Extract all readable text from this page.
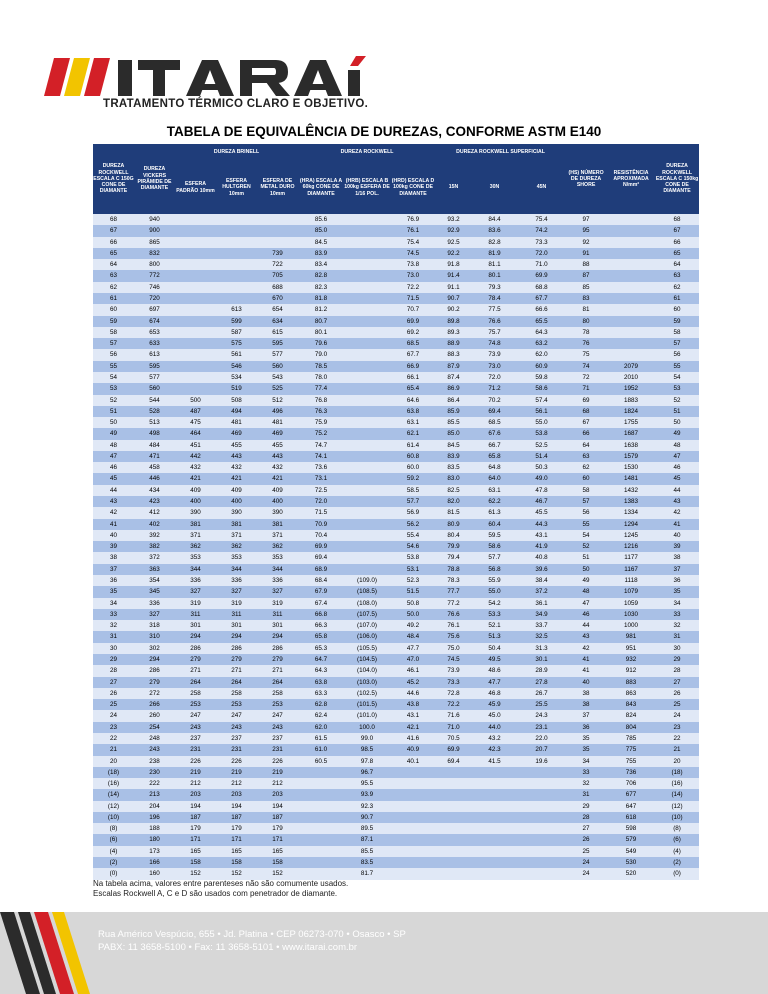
TRATAMENTO TÉRMICO CLARO E OBJETIVO.
TABELA DE EQUIVALÊNCIA DE DUREZAS, CONFORME ASTM E140
DUREZA ROCKWELL ESCALA C 150G CONE DE DIAMANTE	DUREZA VICKERS PIRÂMIDE DE DIAMANTE	DUREZA BRINELL			DUREZA ROCKWELL			DUREZA ROCKWELL SUPERFICIAL			(HS) NÚMERO DE DUREZA SHORE	RESISTÊNCIA APROXIMADA N/mm²	DUREZA ROCKWELL ESCALA C 150kg CONE DE DIAMANTE
		ESFERA PADRÃO 10mm	ESFERA HULTGREN 10mm	ESFERA DE METAL DURO 10mm	(HRA) ESCALA A 60kg CONE DE DIAMANTE	(HRB) ESCALA B 100kg ESFERA DE 1/16 POL.	(HRD) ESCALA D 100kg CONE DE DIAMANTE	15N	30N	45N			
68	940				85.6		76.9	93.2	84.4	75.4	97		68
67	900				85.0		76.1	92.9	83.6	74.2	95		67
66	865				84.5		75.4	92.5	82.8	73.3	92		66
65	832			739	83.9		74.5	92.2	81.9	72.0	91		65
64	800			722	83.4		73.8	91.8	81.1	71.0	88		64
63	772			705	82.8		73.0	91.4	80.1	69.9	87		63
62	746			688	82.3		72.2	91.1	79.3	68.8	85		62
61	720			670	81.8		71.5	90.7	78.4	67.7	83		61
60	697		613	654	81.2		70.7	90.2	77.5	66.6	81		60
59	674		599	634	80.7		69.9	89.8	76.6	65.5	80		59
58	653		587	615	80.1		69.2	89.3	75.7	64.3	78		58
57	633		575	595	79.6		68.5	88.9	74.8	63.2	76		57
56	613		561	577	79.0		67.7	88.3	73.9	62.0	75		56
55	595		546	560	78.5		66.9	87.9	73.0	60.9	74	2079	55
54	577		534	543	78.0		66.1	87.4	72.0	59.8	72	2010	54
53	560		519	525	77.4		65.4	86.9	71.2	58.6	71	1952	53
52	544	500	508	512	76.8		64.6	86.4	70.2	57.4	69	1883	52
51	528	487	494	496	76.3		63.8	85.9	69.4	56.1	68	1824	51
50	513	475	481	481	75.9		63.1	85.5	68.5	55.0	67	1755	50
49	498	464	469	469	75.2		62.1	85.0	67.6	53.8	66	1687	49
48	484	451	455	455	74.7		61.4	84.5	66.7	52.5	64	1638	48
47	471	442	443	443	74.1		60.8	83.9	65.8	51.4	63	1579	47
46	458	432	432	432	73.6		60.0	83.5	64.8	50.3	62	1530	46
45	446	421	421	421	73.1		59.2	83.0	64.0	49.0	60	1481	45
44	434	409	409	409	72.5		58.5	82.5	63.1	47.8	58	1432	44
43	423	400	400	400	72.0		57.7	82.0	62.2	46.7	57	1383	43
42	412	390	390	390	71.5		56.9	81.5	61.3	45.5	56	1334	42
41	402	381	381	381	70.9		56.2	80.9	60.4	44.3	55	1294	41
40	392	371	371	371	70.4		55.4	80.4	59.5	43.1	54	1245	40
39	382	362	362	362	69.9		54.6	79.9	58.6	41.9	52	1216	39
38	372	353	353	353	69.4		53.8	79.4	57.7	40.8	51	1177	38
37	363	344	344	344	68.9		53.1	78.8	56.8	39.6	50	1167	37
36	354	336	336	336	68.4	(109.0)	52.3	78.3	55.9	38.4	49	1118	36
35	345	327	327	327	67.9	(108.5)	51.5	77.7	55.0	37.2	48	1079	35
34	336	319	319	319	67.4	(108.0)	50.8	77.2	54.2	36.1	47	1059	34
33	327	311	311	311	66.8	(107.5)	50.0	76.6	53.3	34.9	46	1030	33
32	318	301	301	301	66.3	(107.0)	49.2	76.1	52.1	33.7	44	1000	32
31	310	294	294	294	65.8	(106.0)	48.4	75.6	51.3	32.5	43	981	31
30	302	286	286	286	65.3	(105.5)	47.7	75.0	50.4	31.3	42	951	30
29	294	279	279	279	64.7	(104.5)	47.0	74.5	49.5	30.1	41	932	29
28	286	271	271	271	64.3	(104.0)	46.1	73.9	48.6	28.9	41	912	28
27	279	264	264	264	63.8	(103.0)	45.2	73.3	47.7	27.8	40	883	27
26	272	258	258	258	63.3	(102.5)	44.6	72.8	46.8	26.7	38	863	26
25	266	253	253	253	62.8	(101.5)	43.8	72.2	45.9	25.5	38	843	25
24	260	247	247	247	62.4	(101.0)	43.1	71.6	45.0	24.3	37	824	24
23	254	243	243	243	62.0	100.0	42.1	71.0	44.0	23.1	36	804	23
22	248	237	237	237	61.5	99.0	41.6	70.5	43.2	22.0	35	785	22
21	243	231	231	231	61.0	98.5	40.9	69.9	42.3	20.7	35	775	21
20	238	226	226	226	60.5	97.8	40.1	69.4	41.5	19.6	34	755	20
(18)	230	219	219	219		96.7					33	736	(18)
(16)	222	212	212	212		95.5					32	706	(16)
(14)	213	203	203	203		93.9					31	677	(14)
(12)	204	194	194	194		92.3					29	647	(12)
(10)	196	187	187	187		90.7					28	618	(10)
(8)	188	179	179	179		89.5					27	598	(8)
(6)	180	171	171	171		87.1					26	579	(6)
(4)	173	165	165	165		85.5					25	549	(4)
(2)	166	158	158	158		83.5					24	530	(2)
(0)	160	152	152	152		81.7					24	520	(0)
Na tabela acima, valores entre parenteses não são comumente usados.
Escalas Rockwell A, C e D são usados com penetrador de diamante.
Rua Américo Vespúcio, 655 • Jd. Platina • CEP 06273-070 • Osasco • SP
PABX: 11 3658-5100 • Fax: 11 3658-5101 • www.itarai.com.br
